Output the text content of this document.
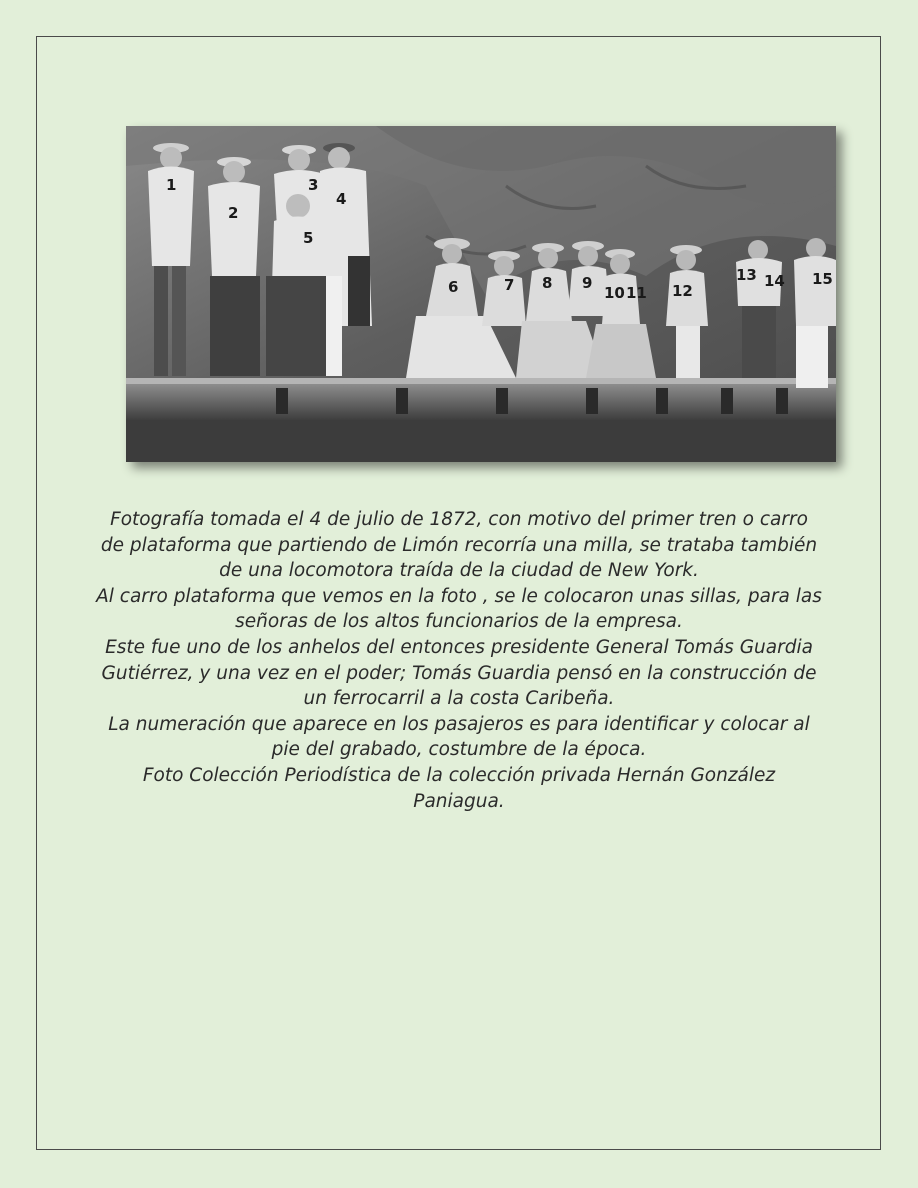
1
2
3
4
5
6	7 8 9
10 11 12
13 14 15

Fotografía tomada el 4 de julio de 1872, con motivo del primer tren o carro de plataforma que partiendo de Limón recorría una milla, se trataba también de una locomotora traída de la ciudad de New York.

Al carro plataforma que vemos en la foto , se le colocaron unas sillas, para las señoras de los altos funcionarios de la empresa.

Este fue uno de los anhelos del entonces presidente General Tomás Guardia Gutiérrez, y una vez en el poder; Tomás Guardia pensó en la construcción de un ferrocarril a la costa Caribeña.

La numeración que aparece en los pasajeros es para identificar y colocar al pie del grabado, costumbre de la época.

Foto Colección Periodística de la colección privada Hernán González Paniagua.
